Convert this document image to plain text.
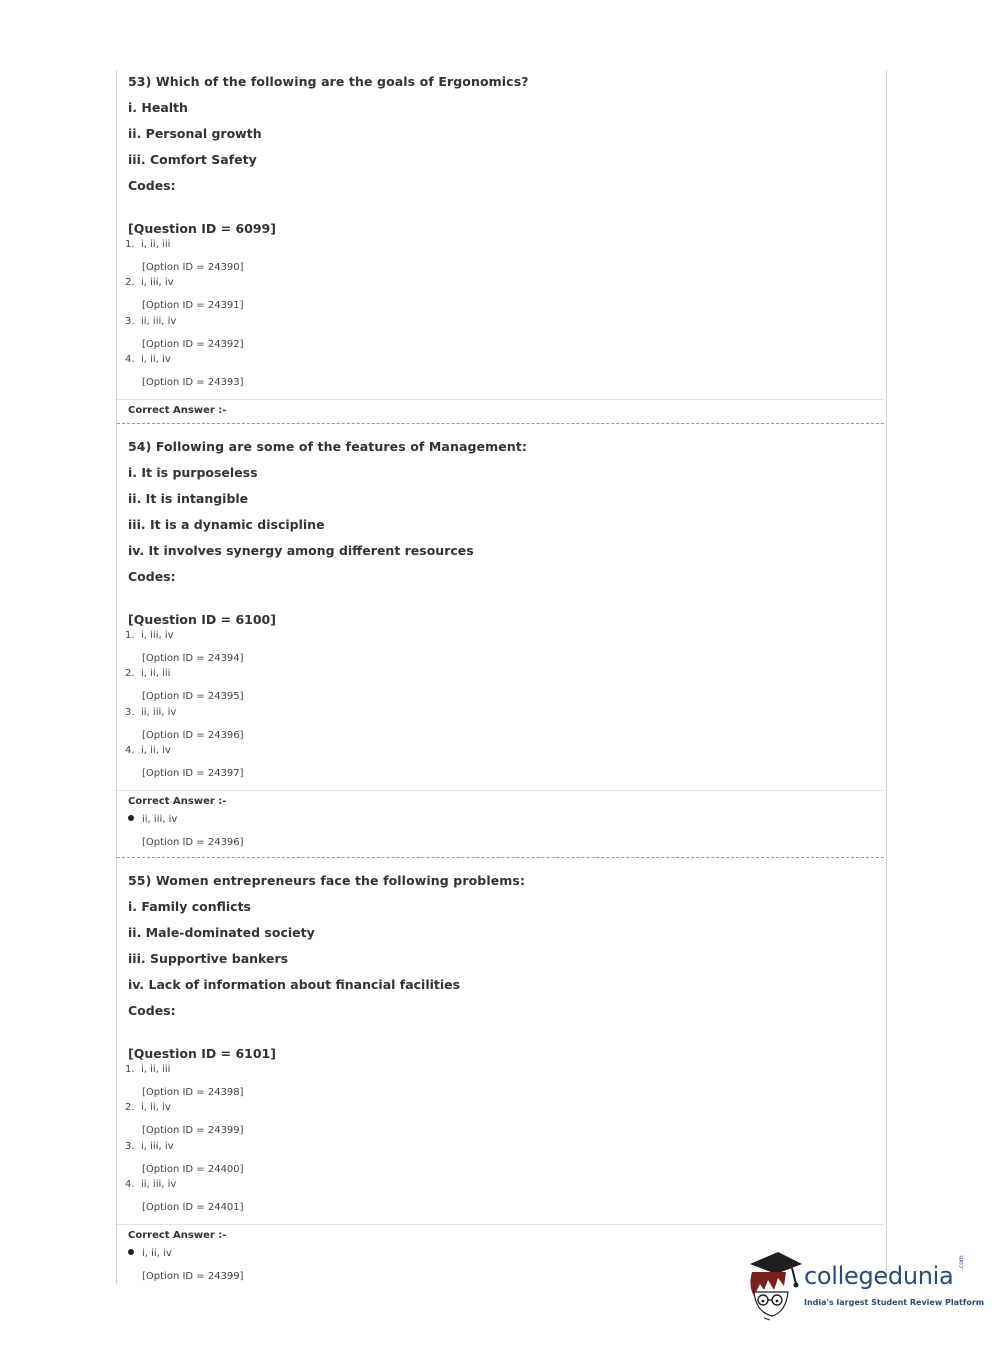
53) Which of the following are the goals of Ergonomics?
i. Health
ii. Personal growth
iii. Comfort Safety
Codes:
[Question ID = 6099]
1. i, ii, iii
[Option ID = 24390]
2. i, iii, iv
[Option ID = 24391]
3. ii, iii, iv
[Option ID = 24392]
4. i, ii, iv
[Option ID = 24393]
Correct Answer :-
54) Following are some of the features of Management:
i. It is purposeless
ii. It is intangible
iii. It is a dynamic discipline
iv. It involves synergy among different resources
Codes:
[Question ID = 6100]
1. i, iii, iv
[Option ID = 24394]
2. i, ii, iii
[Option ID = 24395]
3. ii, iii, iv
[Option ID = 24396]
4. i, ii, iv
[Option ID = 24397]
Correct Answer :-
ii, iii, iv
[Option ID = 24396]
55) Women entrepreneurs face the following problems:
i. Family conflicts
ii. Male-dominated society
iii. Supportive bankers
iv. Lack of information about financial facilities
Codes:
[Question ID = 6101]
1. i, ii, iii
[Option ID = 24398]
2. i, ii, iv
[Option ID = 24399]
3. i, iii, iv
[Option ID = 24400]
4. ii, iii, iv
[Option ID = 24401]
Correct Answer :-
i, ii, iv
[Option ID = 24399]	collegedunia .com
India's largest Student Review Platform
